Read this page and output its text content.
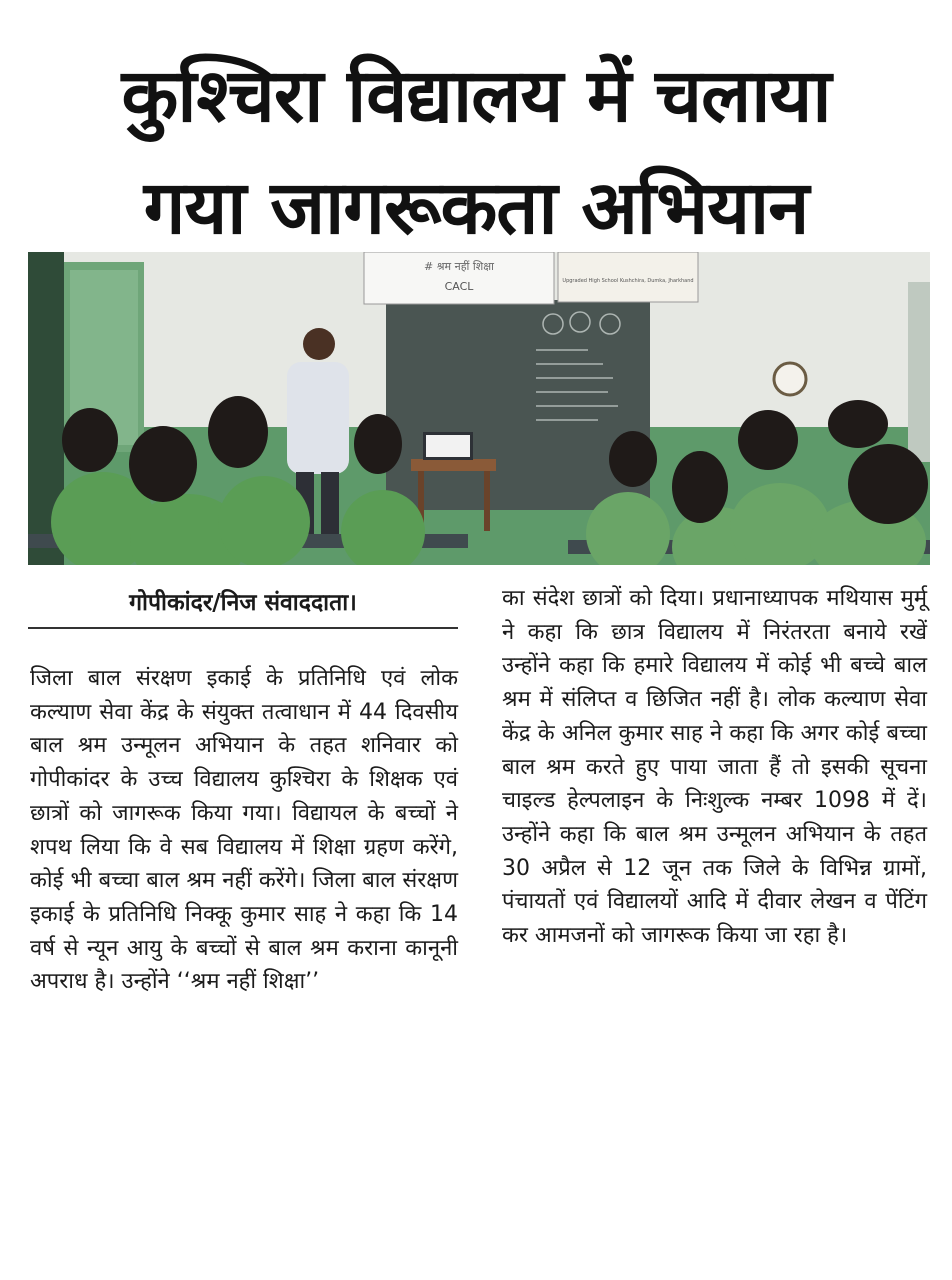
कुश्चिरा विद्यालय में चलाया
गया जागरूकता अभियान
# श्रम नहीं शिक्षा
CACL	Upgraded High School Kushchira, Dumka, Jharkhand
गोपीकांदर/निज संवाददाता।
जिला बाल संरक्षण इकाई के प्रतिनिधि एवं लोक कल्याण सेवा केंद्र के संयुक्त तत्वाधान में 44 दिवसीय बाल श्रम उन्मूलन अभियान के तहत शनिवार को गोपीकांदर के उच्च विद्यालय कुश्चिरा के शिक्षक एवं छात्रों को जागरूक किया गया। विद्यायल के बच्चों ने शपथ लिया कि वे सब विद्यालय में शिक्षा ग्रहण करेंगे, कोई भी बच्चा बाल श्रम नहीं करेंगे। जिला बाल संरक्षण इकाई के प्रतिनिधि निक्कू कुमार साह ने कहा कि 14 वर्ष से न्यून आयु के बच्चों से बाल श्रम कराना कानूनी अपराध है। उन्होंने ‘‘श्रम नहीं शिक्षा’’
का संदेश छात्रों को दिया। प्रधानाध्यापक मथियास मुर्मू ने कहा कि छात्र विद्यालय में निरंतरता बनाये रखें उन्होंने कहा कि हमारे विद्यालय में कोई भी बच्चे बाल श्रम में संलिप्त व छिजित नहीं है। लोक कल्याण सेवा केंद्र के अनिल कुमार साह ने कहा कि अगर कोई बच्चा बाल श्रम करते हुए पाया जाता हैं तो इसकी सूचना चाइल्ड हेल्पलाइन के निःशुल्क नम्बर 1098 में दें। उन्होंने कहा कि बाल श्रम उन्मूलन अभियान के तहत 30 अप्रैल से 12 जून तक जिले के विभिन्न ग्रामों, पंचायतों एवं विद्यालयों आदि में दीवार लेखन व पेंटिंग कर आमजनों को जागरूक किया जा रहा है।
